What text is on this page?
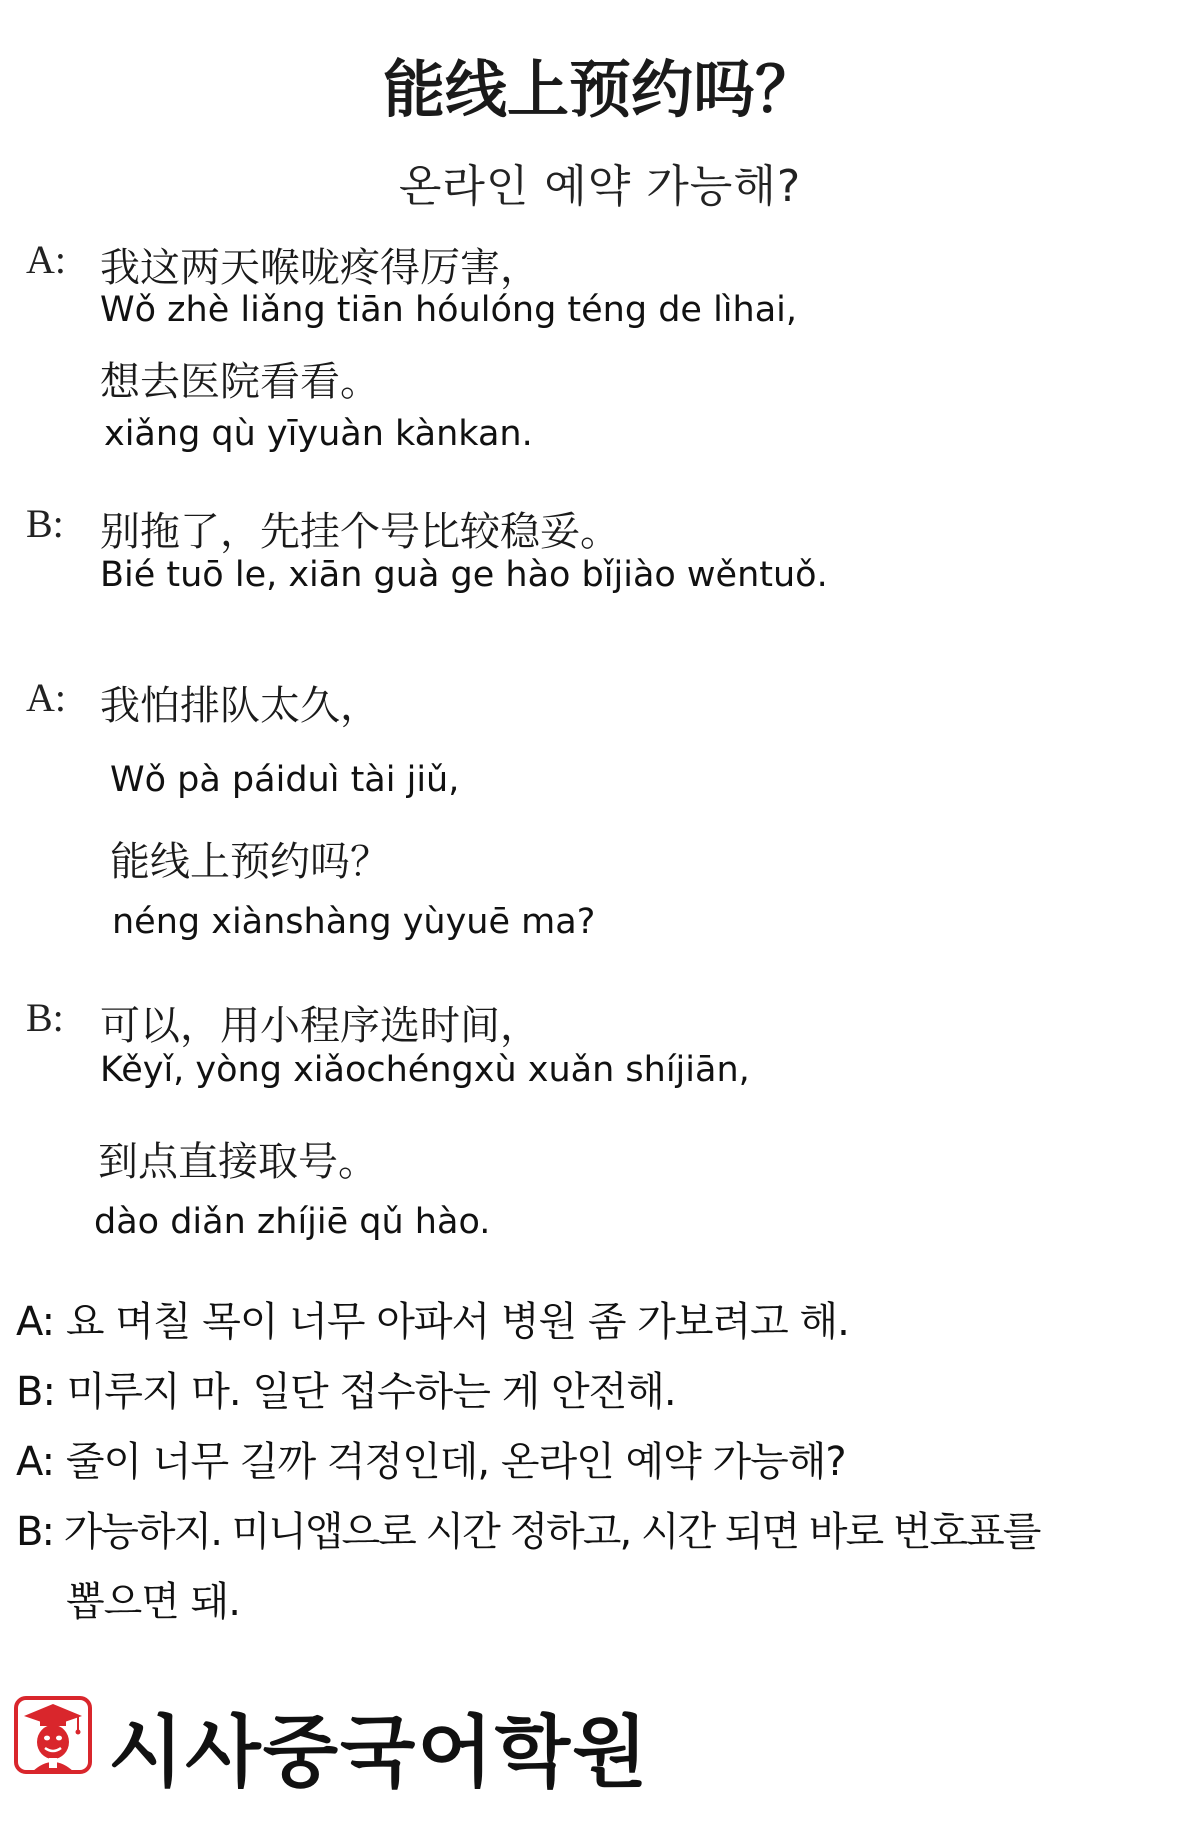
能线上预约吗？
온라인 예약 가능해?
A: 我这两天喉咙疼得厉害，
Wǒ zhè liǎng tiān hóulóng téng de lìhai,
想去医院看看。
xiǎng qù yīyuàn kànkan.
B: 别拖了，先挂个号比较稳妥。
Bié tuō le, xiān guà ge hào bǐjiào wěntuǒ.
A: 我怕排队太久，
Wǒ pà páiduì tài jiǔ,
能线上预约吗？
néng xiànshàng yùyuē ma?
B: 可以，用小程序选时间，
Kěyǐ, yòng xiǎochéngxù xuǎn shíjiān,
到点直接取号。
dào diǎn zhíjiē qǔ hào.
A: 요 며칠 목이 너무 아파서 병원 좀 가보려고 해.
B: 미루지 마. 일단 접수하는 게 안전해.
A: 줄이 너무 길까 걱정인데, 온라인 예약 가능해?
B: 가능하지. 미니앱으로 시간 정하고, 시간 되면 바로 번호표를
뽑으면 돼.
시사중국어학원
